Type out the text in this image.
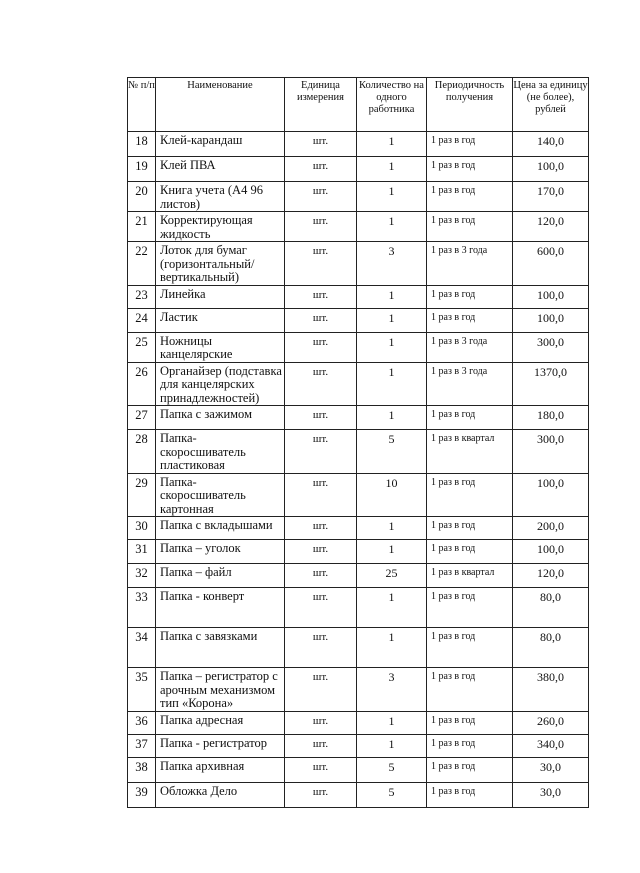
№ п/п	Наименование	Единица измерения	Количество на одного работника	Периодичность получения	Цена за единицу (не более), рублей
18	Клей-карандаш	шт.	1	1 раз в год	140,0
19	Клей ПВА	шт.	1	1 раз в год	100,0
20	Книга учета (А4 96 листов)	шт.	1	1 раз в год	170,0
21	Корректирующая жидкость	шт.	1	1 раз в год	120,0
22	Лоток для бумаг (горизонтальный/ вертикальный)	шт.	3	1 раз в 3 года	600,0
23	Линейка	шт.	1	1 раз в год	100,0
24	Ластик	шт.	1	1 раз в год	100,0
25	Ножницы канцелярские	шт.	1	1 раз в 3 года	300,0
26	Органайзер (подставка для канцелярских принадлежностей)	шт.	1	1 раз в 3 года	1370,0
27	Папка с зажимом	шт.	1	1 раз в год	180,0
28	Папка-скоросшиватель пластиковая	шт.	5	1 раз в квартал	300,0
29	Папка-скоросшиватель картонная	шт.	10	1 раз в год	100,0
30	Папка с вкладышами	шт.	1	1 раз в год	200,0
31	Папка – уголок	шт.	1	1 раз в год	100,0
32	Папка – файл	шт.	25	1 раз в квартал	120,0
33	Папка - конверт	шт.	1	1 раз в год	80,0
34	Папка с завязками	шт.	1	1 раз в год	80,0
35	Папка – регистратор с арочным механизмом тип «Корона»	шт.	3	1 раз в год	380,0
36	Папка адресная	шт.	1	1 раз в год	260,0
37	Папка - регистратор	шт.	1	1 раз в год	340,0
38	Папка архивная	шт.	5	1 раз в год	30,0
39	Обложка Дело	шт.	5	1 раз в год	30,0
